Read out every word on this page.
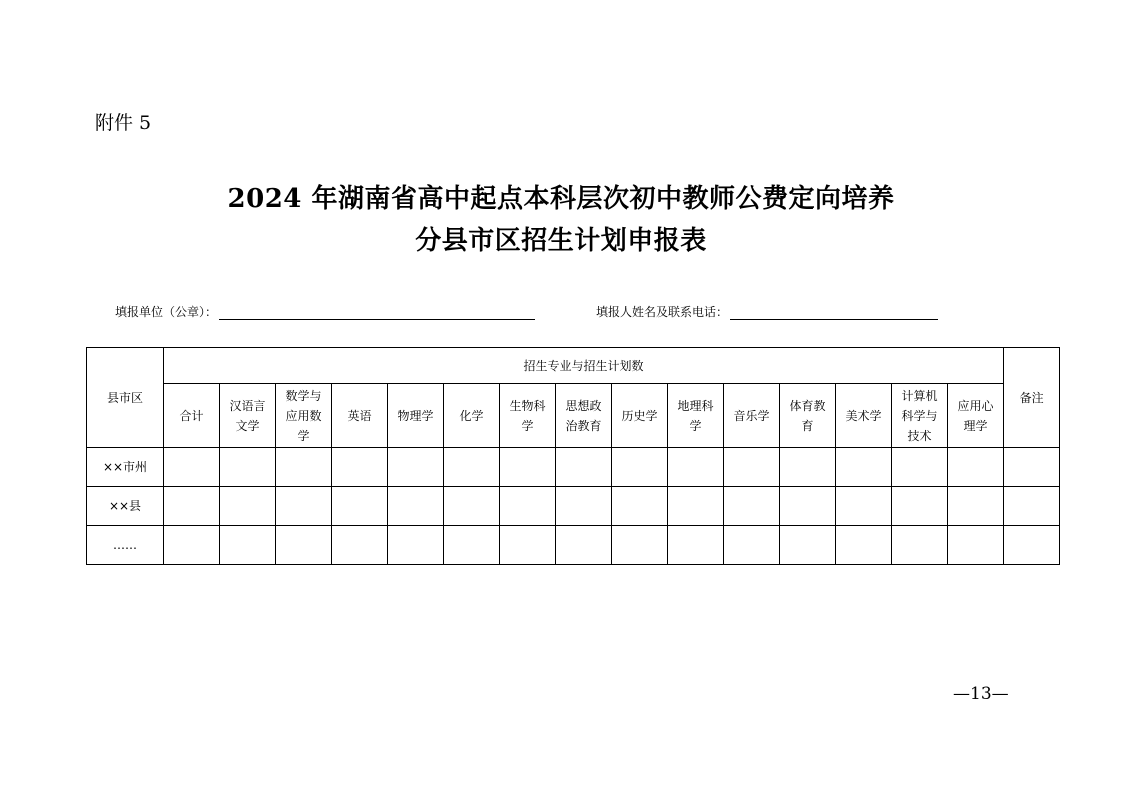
附件 5
2024 年湖南省高中起点本科层次初中教师公费定向培养
分县市区招生计划申报表
填报单位（公章）：	填报人姓名及联系电话：
县市区	招生专业与招生计划数															备注
	合计	汉语言文学	数学与应用数学	英语	物理学	化学	生物科学	思想政治教育	历史学	地理科学	音乐学	体育教育	美术学	计算机科学与技术	应用心理学	
××市州																
××县																
……																
—13—
